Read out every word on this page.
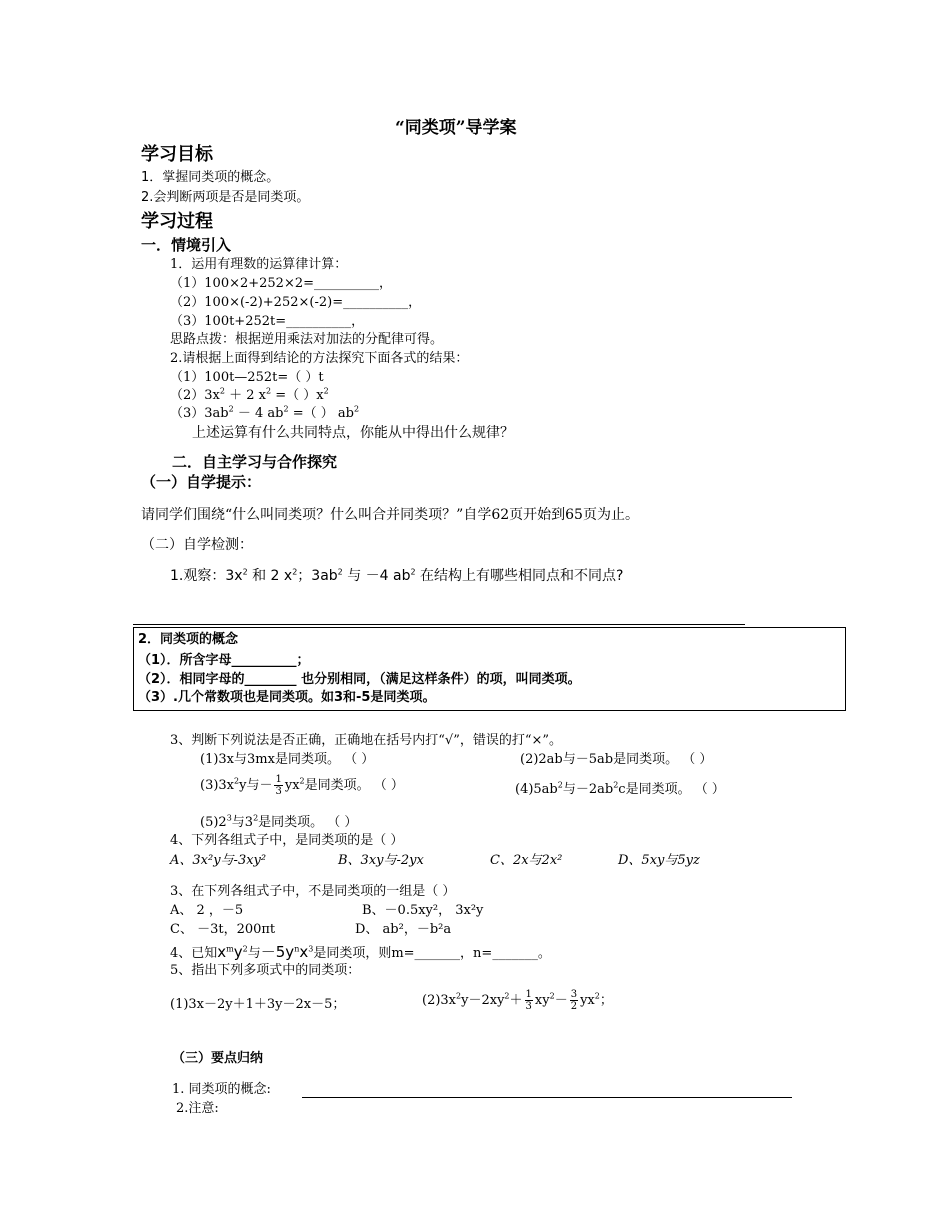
“同类项”导学案
学习目标
1．掌握同类项的概念。
2.会判断两项是否是同类项。
学习过程
一．情境引入
1．运用有理数的运算律计算：
（1）100×2+252×2=__________，
（2）100×(-2)+252×(-2)=__________，
（3）100t+252t=__________，
思路点拨：根据逆用乘法对加法的分配律可得。
2.请根据上面得到结论的方法探究下面各式的结果：
（1）100t—252t=（ ）t
$(2)3x^2 + 2$ $x^2$ =（ ）$x^2$
$(3)3ab^2 - 4$ $ab^2$ =（ ） $ab^2$
上述运算有什么共同特点，你能从中得出什么规律？
二．自主学习与合作探究
（一）自学提示：
请同学们围绕“什么叫同类项？什么叫合并同类项？”自学62页开始到65页为止。
（二）自学检测：
1.观察：$3x^2$ 和 2 $x^2$；$3ab^2$ 与 －4 $ab^2$ 在结构上有哪些相同点和不同点?
2．同类项的概念
（1）．所含字母__________；
（2）．相同字母的________ 也分别相同，（满足这样条件）的项，叫同类项。
（3）.几个常数项也是同类项。如3和-5是同类项。
3、判断下列说法是否正确，正确地在括号内打“√”，错误的打“×”。
(1)3x与3mx是同类项。 （ ）	(2)2ab与－5ab是同类项。 （ ）
$(3)3x^2y$与－ $\frac{1}{3} yx^2$是同类项。 （ ）	$(4)5ab^2$与$-2ab^2c$是同类项。 （ ）
$(5)2^3$与$3^2$是同类项。 （ ）
4、下列各组式子中，是同类项的是（ ）
A、3x²y与-3xy²	B、3xy与-2yx	C、2x与2x²	D、5xy与5yz
3、在下列各组式子中，不是同类项的一组是（ ）
A、 2 ，－5	B、－0.5xy²， 3x²y
C、 －3t，200πt	D、 ab²，－b²a
4、已知$x^my^2$与$-5y^nx^3$是同类项，则m=_______，n=_______。
5、指出下列多项式中的同类项：
(1)3x－2y＋1＋3y－2x－5；	$(2)3x^2y-2xy^2+ \frac{1}{3} xy^2- \frac{3}{2} yx^2$；
（三）要点归纳
1. 同类项的概念:
2.注意:
